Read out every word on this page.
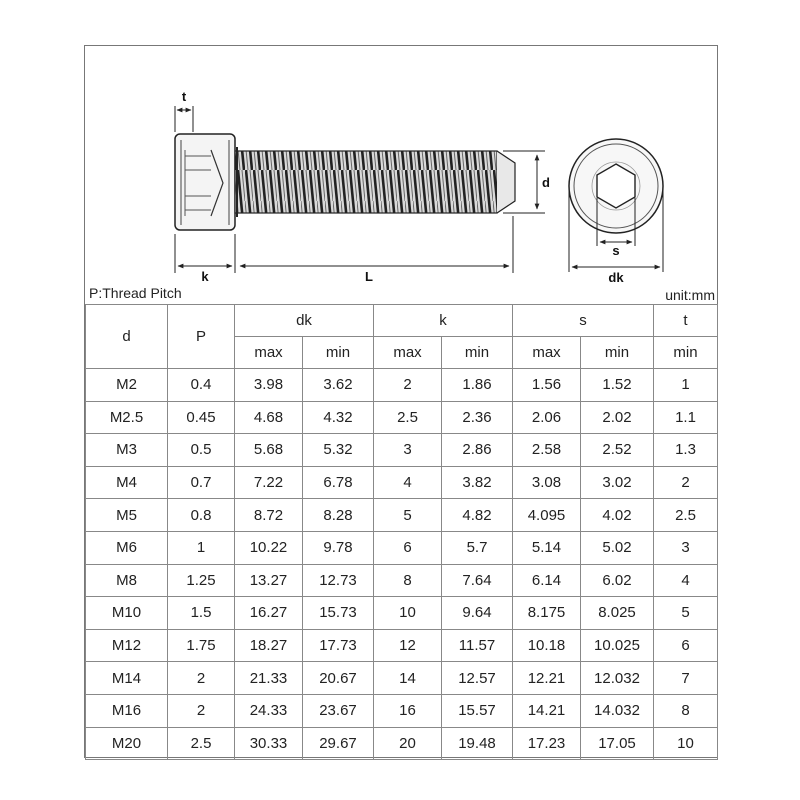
t
k	L
d
s
dk
P:Thread Pitch	unit:mm
d	P	dk		k		s		t
		max	min	max	min	max	min	min
M2	0.4	3.98	3.62	2	1.86	1.56	1.52	1
M2.5	0.45	4.68	4.32	2.5	2.36	2.06	2.02	1.1
M3	0.5	5.68	5.32	3	2.86	2.58	2.52	1.3
M4	0.7	7.22	6.78	4	3.82	3.08	3.02	2
M5	0.8	8.72	8.28	5	4.82	4.095	4.02	2.5
M6	1	10.22	9.78	6	5.7	5.14	5.02	3
M8	1.25	13.27	12.73	8	7.64	6.14	6.02	4
M10	1.5	16.27	15.73	10	9.64	8.175	8.025	5
M12	1.75	18.27	17.73	12	11.57	10.18	10.025	6
M14	2	21.33	20.67	14	12.57	12.21	12.032	7
M16	2	24.33	23.67	16	15.57	14.21	14.032	8
M20	2.5	30.33	29.67	20	19.48	17.23	17.05	10
